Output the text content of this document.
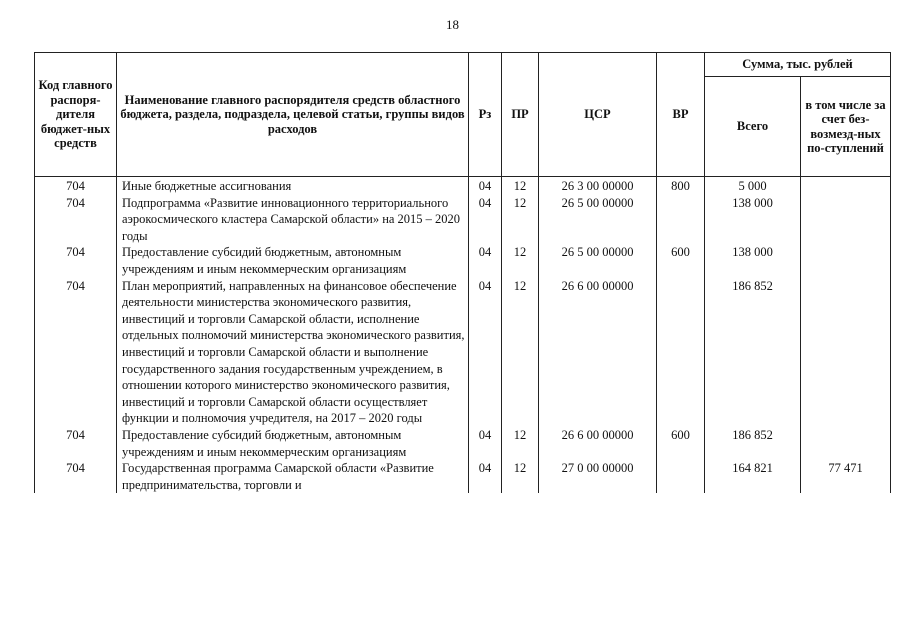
18
Код главного распоря-дителя бюджет-ных средств	Наименование главного распорядителя средств областного бюджета, раздела, подраздела, целевой статьи, группы видов расходов	Рз	ПР	ЦСР	ВР	Сумма, тыс. рублей	
						Всего	в том числе за счет без-возмезд-ных по-ступлений
704	Иные бюджетные ассигнования	04	12	26 3 00 00000	800	5 000	
704	Подпрограмма «Развитие инновационного территориального аэрокосмического кластера Самарской области» на 2015 – 2020 годы	04	12	26 5 00 00000		138 000	
704	Предоставление субсидий бюджетным, автономным учреждениям и иным некоммерческим организациям	04	12	26 5 00 00000	600	138 000	
704	План мероприятий, направленных на финансовое обеспечение деятельности министерства экономического развития, инвестиций и торговли Самарской области, исполнение отдельных полномочий министерства экономического развития, инвестиций и торговли Самарской области и выполнение государственного задания государственным учреждением, в отношении которого министерство экономического развития, инвестиций и торговли Самарской области осуществляет функции и полномочия учредителя, на 2017 – 2020 годы	04	12	26 6 00 00000		186 852	
704	Предоставление субсидий бюджетным, автономным учреждениям и иным некоммерческим организациям	04	12	26 6 00 00000	600	186 852	
704	Государственная программа Самарской области «Развитие предпринимательства, торговли и	04	12	27 0 00 00000		164 821	77 471
